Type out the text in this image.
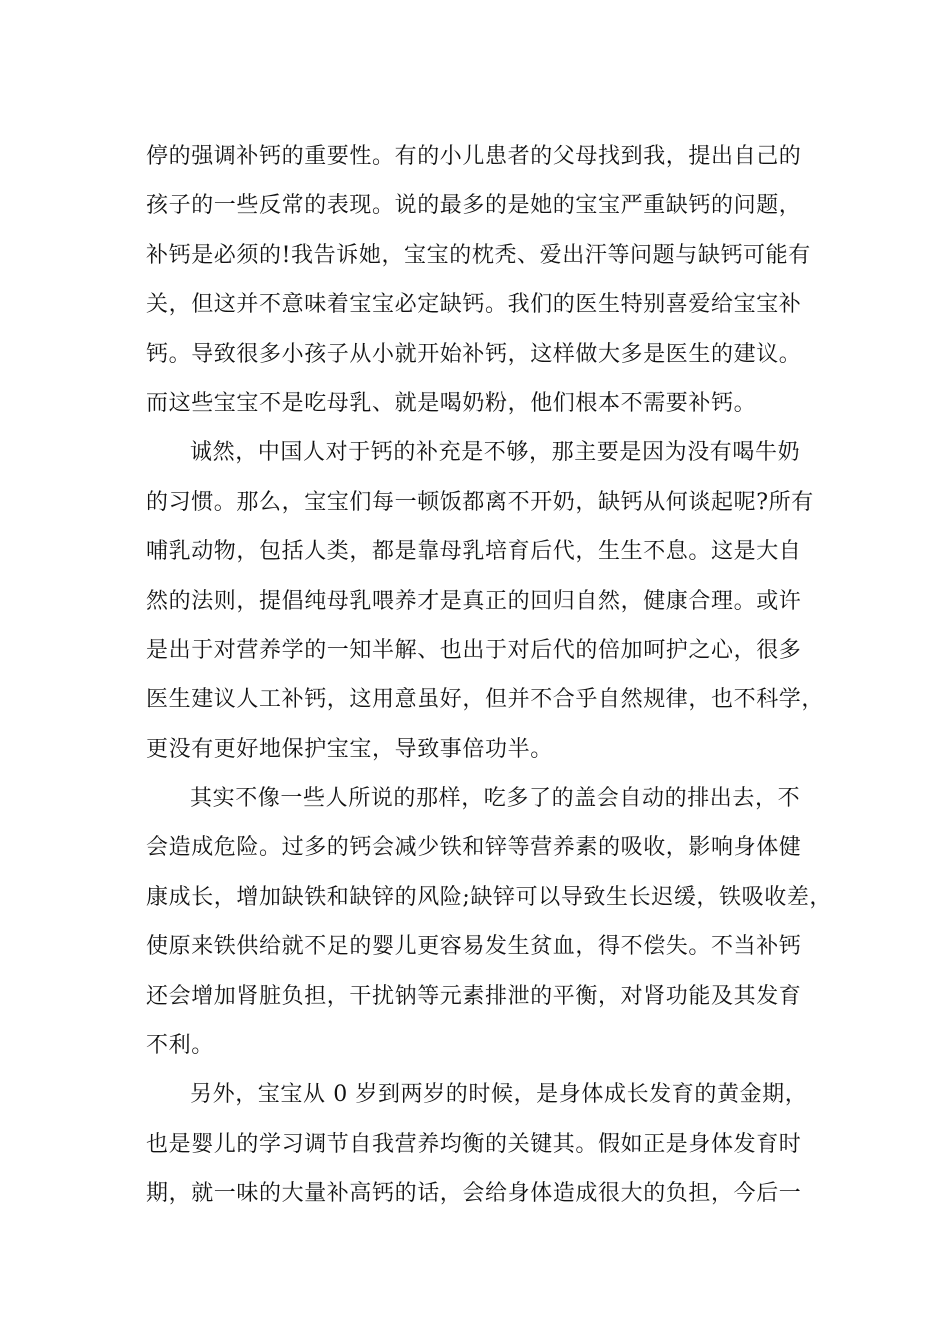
停的强调补钙的重要性。有的小儿患者的父母找到我，提出自己的
孩子的一些反常的表现。说的最多的是她的宝宝严重缺钙的问题，
补钙是必须的!我告诉她，宝宝的枕秃、爱出汗等问题与缺钙可能有
关，但这并不意味着宝宝必定缺钙。我们的医生特别喜爱给宝宝补
钙。导致很多小孩子从小就开始补钙，这样做大多是医生的建议。
而这些宝宝不是吃母乳、就是喝奶粉，他们根本不需要补钙。
诚然，中国人对于钙的补充是不够，那主要是因为没有喝牛奶
的习惯。那么，宝宝们每一顿饭都离不开奶，缺钙从何谈起呢?所有
哺乳动物，包括人类，都是靠母乳培育后代，生生不息。这是大自
然的法则，提倡纯母乳喂养才是真正的回归自然，健康合理。或许
是出于对营养学的一知半解、也出于对后代的倍加呵护之心，很多
医生建议人工补钙，这用意虽好，但并不合乎自然规律，也不科学，
更没有更好地保护宝宝，导致事倍功半。
其实不像一些人所说的那样，吃多了的盖会自动的排出去，不
会造成危险。过多的钙会减少铁和锌等营养素的吸收，影响身体健
康成长，增加缺铁和缺锌的风险;缺锌可以导致生长迟缓，铁吸收差，
使原来铁供给就不足的婴儿更容易发生贫血，得不偿失。不当补钙
还会增加肾脏负担，干扰钠等元素排泄的平衡，对肾功能及其发育
不利。
另外，宝宝从 0 岁到两岁的时候，是身体成长发育的黄金期，
也是婴儿的学习调节自我营养均衡的关键其。假如正是身体发育时
期，就一味的大量补高钙的话，会给身体造成很大的负担，今后一
